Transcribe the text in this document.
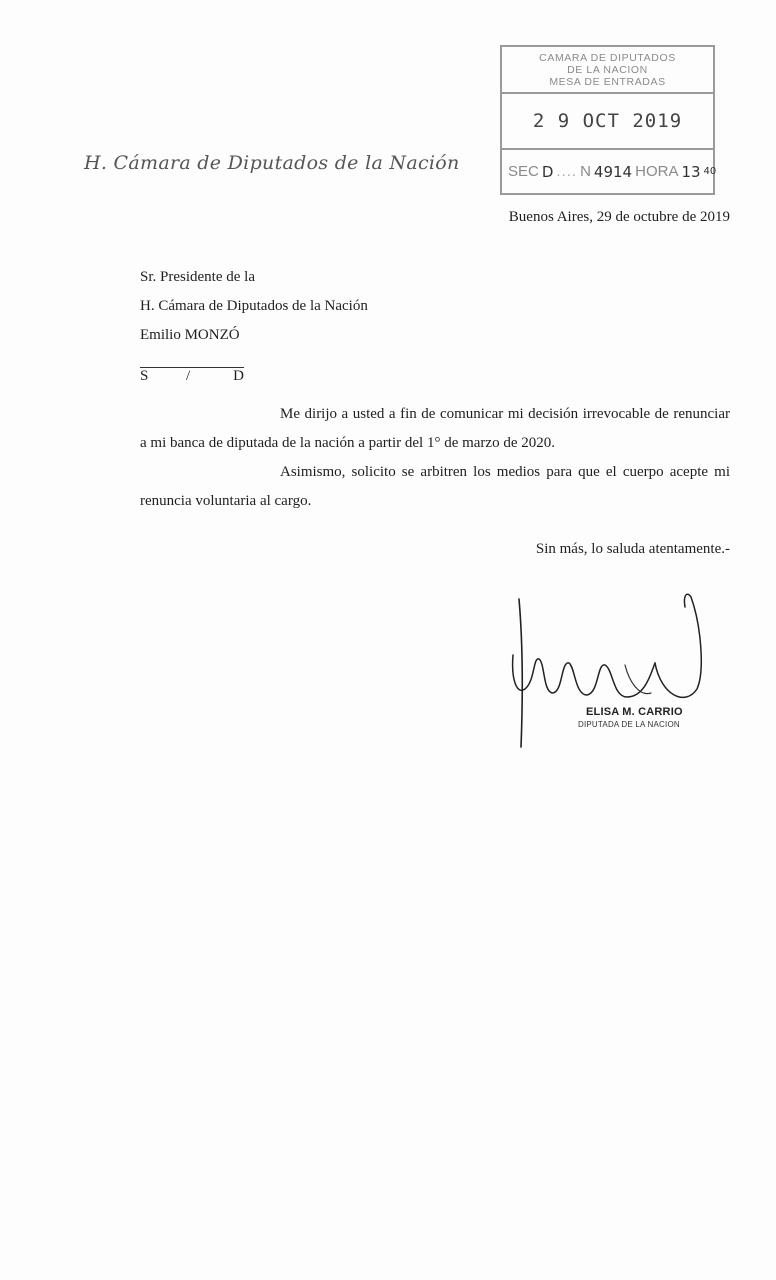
H. Cámara de Diputados de la Nación
CAMARA DE DIPUTADOS
DE LA NACION
MESA DE ENTRADAS
2 9 OCT 2019
SEC D .... N 4914 HORA 13 40
Buenos Aires, 29 de octubre de 2019
Sr. Presidente de la
H. Cámara de Diputados de la Nación
Emilio MONZÓ
S	/	D

Me dirijo a usted a fin de comunicar mi decisión irrevocable de renunciar a mi banca de diputada de la nación a partir del 1° de marzo de 2020.

Asimismo, solicito se arbitren los medios para que el cuerpo acepte mi renuncia voluntaria al cargo.

Sin más, lo saluda atentamente.-
ELISA M. CARRIO
DIPUTADA DE LA NACION
